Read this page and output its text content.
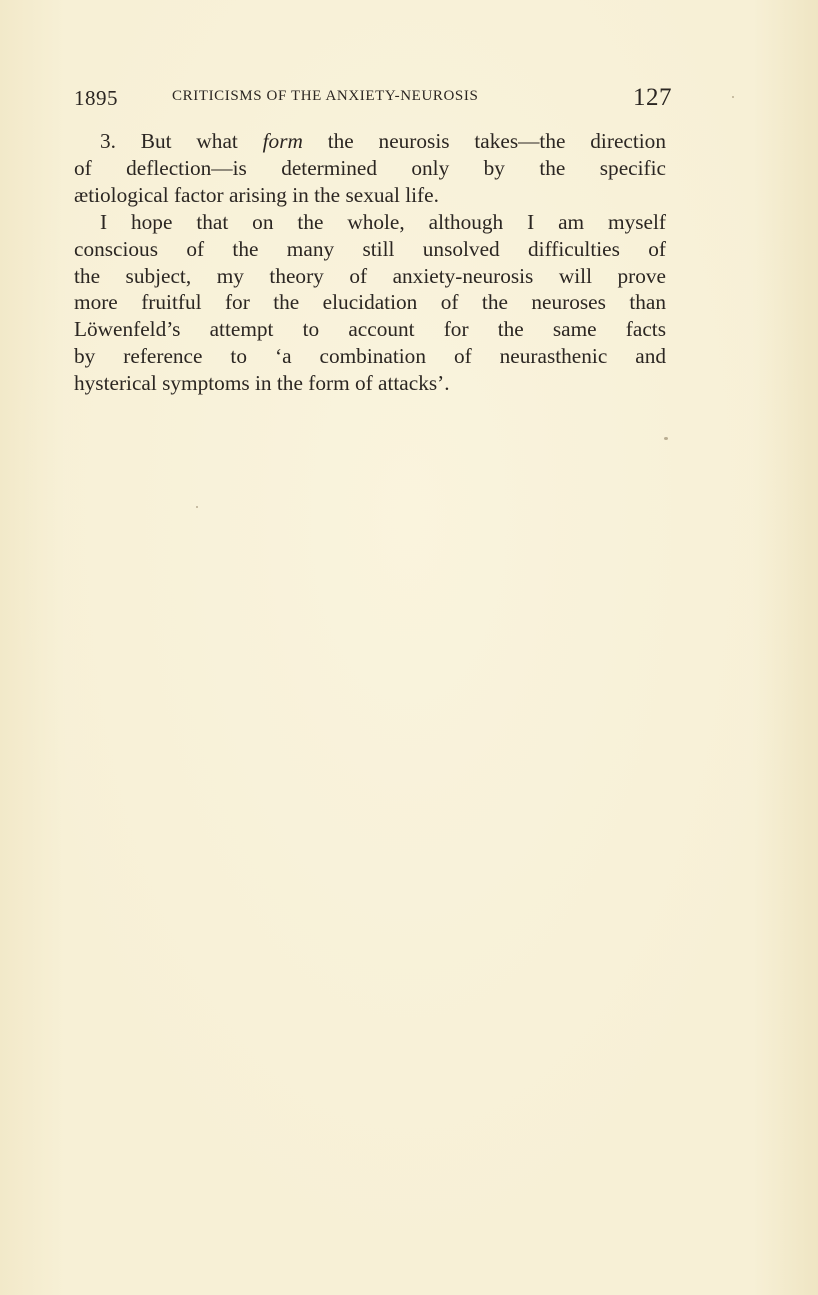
1895	CRITICISMS OF THE ANXIETY-NEUROSIS	127
3. But what form the neurosis takes—the direction
of deflection—is determined only by the specific
ætiological factor arising in the sexual life.
I hope that on the whole, although I am myself
conscious of the many still unsolved difficulties of
the subject, my theory of anxiety-neurosis will prove
more fruitful for the elucidation of the neuroses than
Löwenfeld’s attempt to account for the same facts
by reference to ‘a combination of neurasthenic and
hysterical symptoms in the form of attacks’.
